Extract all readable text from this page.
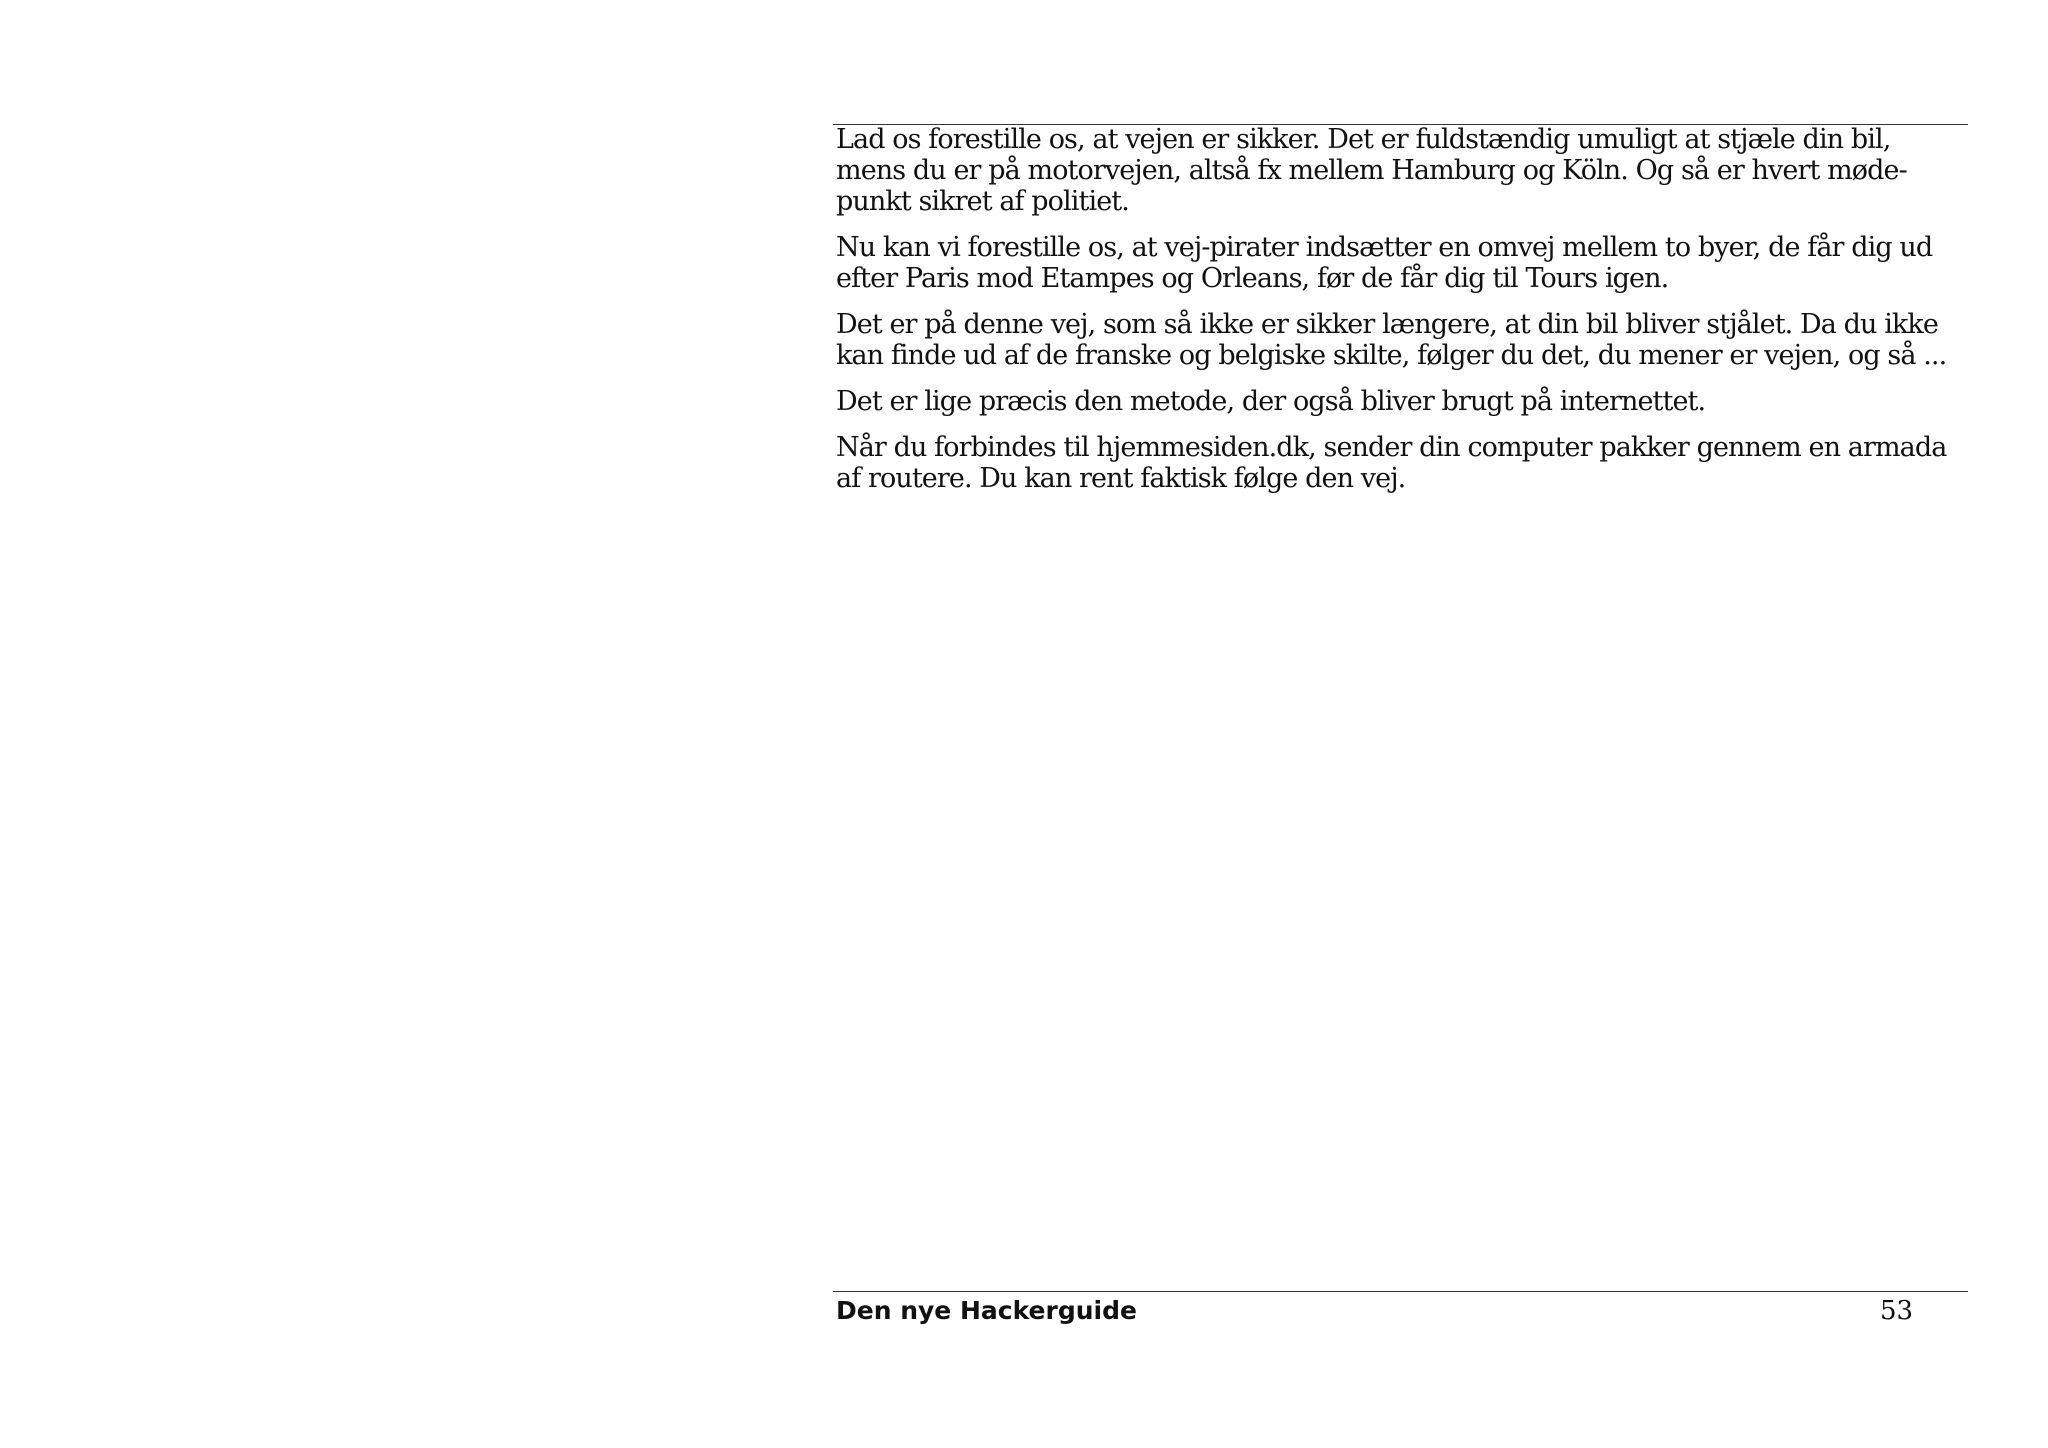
Lad os forestille os, at vejen er sikker. Det er fuldstændig umuligt at stjæle din bil,
mens du er på motorvejen, altså fx mellem Hamburg og Köln. Og så er hvert møde-
punkt sikret af politiet.

Nu kan vi forestille os, at vej-pirater indsætter en omvej mellem to byer, de får dig ud
efter Paris mod Etampes og Orleans, før de får dig til Tours igen.

Det er på denne vej, som så ikke er sikker længere, at din bil bliver stjålet. Da du ikke
kan finde ud af de franske og belgiske skilte, følger du det, du mener er vejen, og så ...

Det er lige præcis den metode, der også bliver brugt på internettet.

Når du forbindes til hjemmesiden.dk, sender din computer pakker gennem en armada
af routere. Du kan rent faktisk følge den vej.

Den nye Hackerguide	53
